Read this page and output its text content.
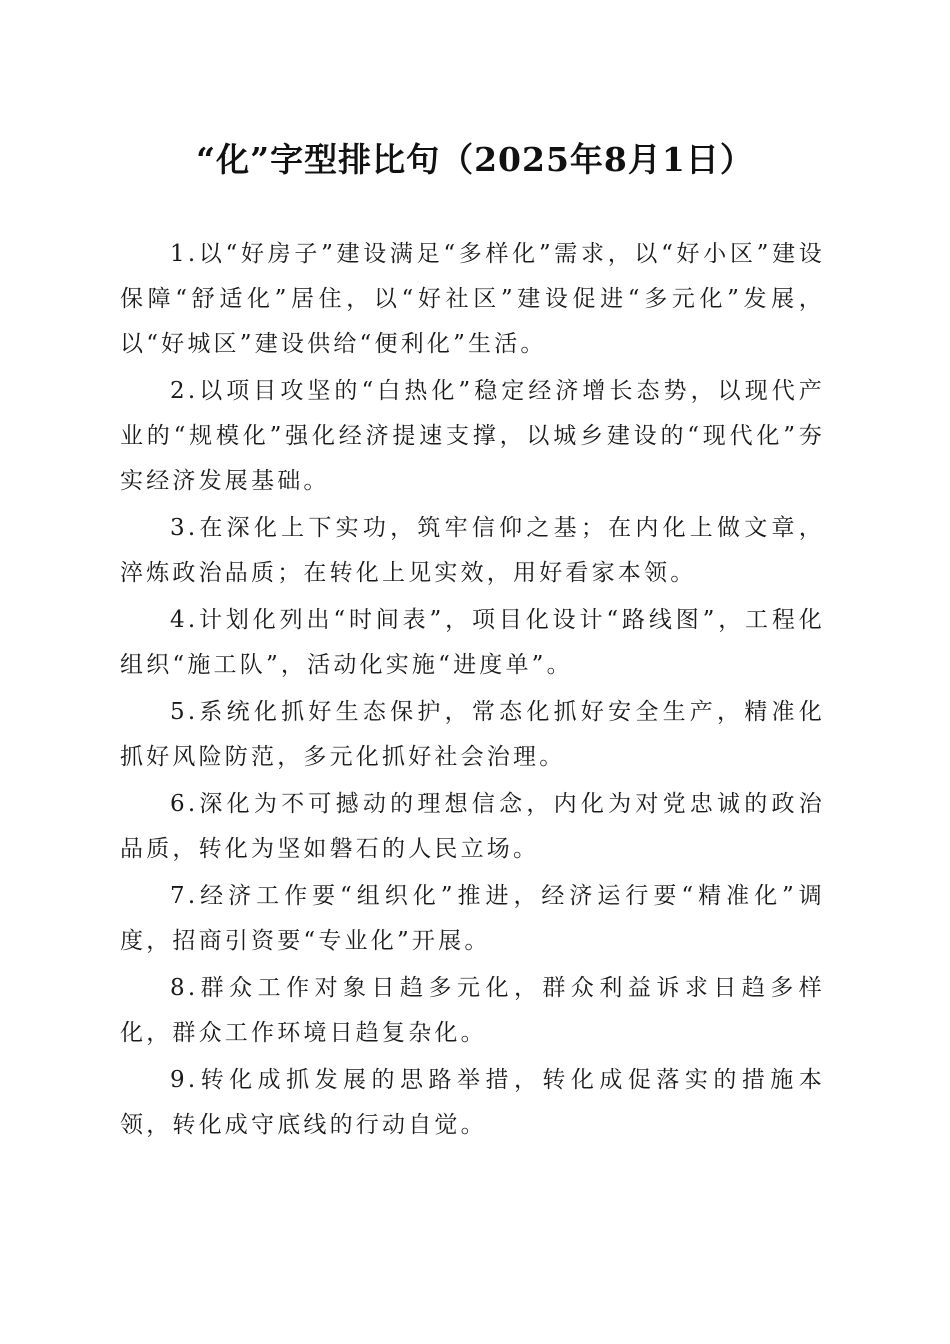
“化”字型排比句（2025年8月1日）

1.以“好房子”建设满足“多样化”需求，以“好小区”建设保障“舒适化”居住，以“好社区”建设促进“多元化”发展，以“好城区”建设供给“便利化”生活。

2.以项目攻坚的“白热化”稳定经济增长态势，以现代产业的“规模化”强化经济提速支撑，以城乡建设的“现代化”夯实经济发展基础。

3.在深化上下实功，筑牢信仰之基；在内化上做文章，淬炼政治品质；在转化上见实效，用好看家本领。

4.计划化列出“时间表”，项目化设计“路线图”，工程化组织“施工队”，活动化实施“进度单”。

5.系统化抓好生态保护，常态化抓好安全生产，精准化抓好风险防范，多元化抓好社会治理。

6.深化为不可撼动的理想信念，内化为对党忠诚的政治品质，转化为坚如磐石的人民立场。

7.经济工作要“组织化”推进，经济运行要“精准化”调度，招商引资要“专业化”开展。

8.群众工作对象日趋多元化，群众利益诉求日趋多样化，群众工作环境日趋复杂化。

9.转化成抓发展的思路举措，转化成促落实的措施本领，转化成守底线的行动自觉。
